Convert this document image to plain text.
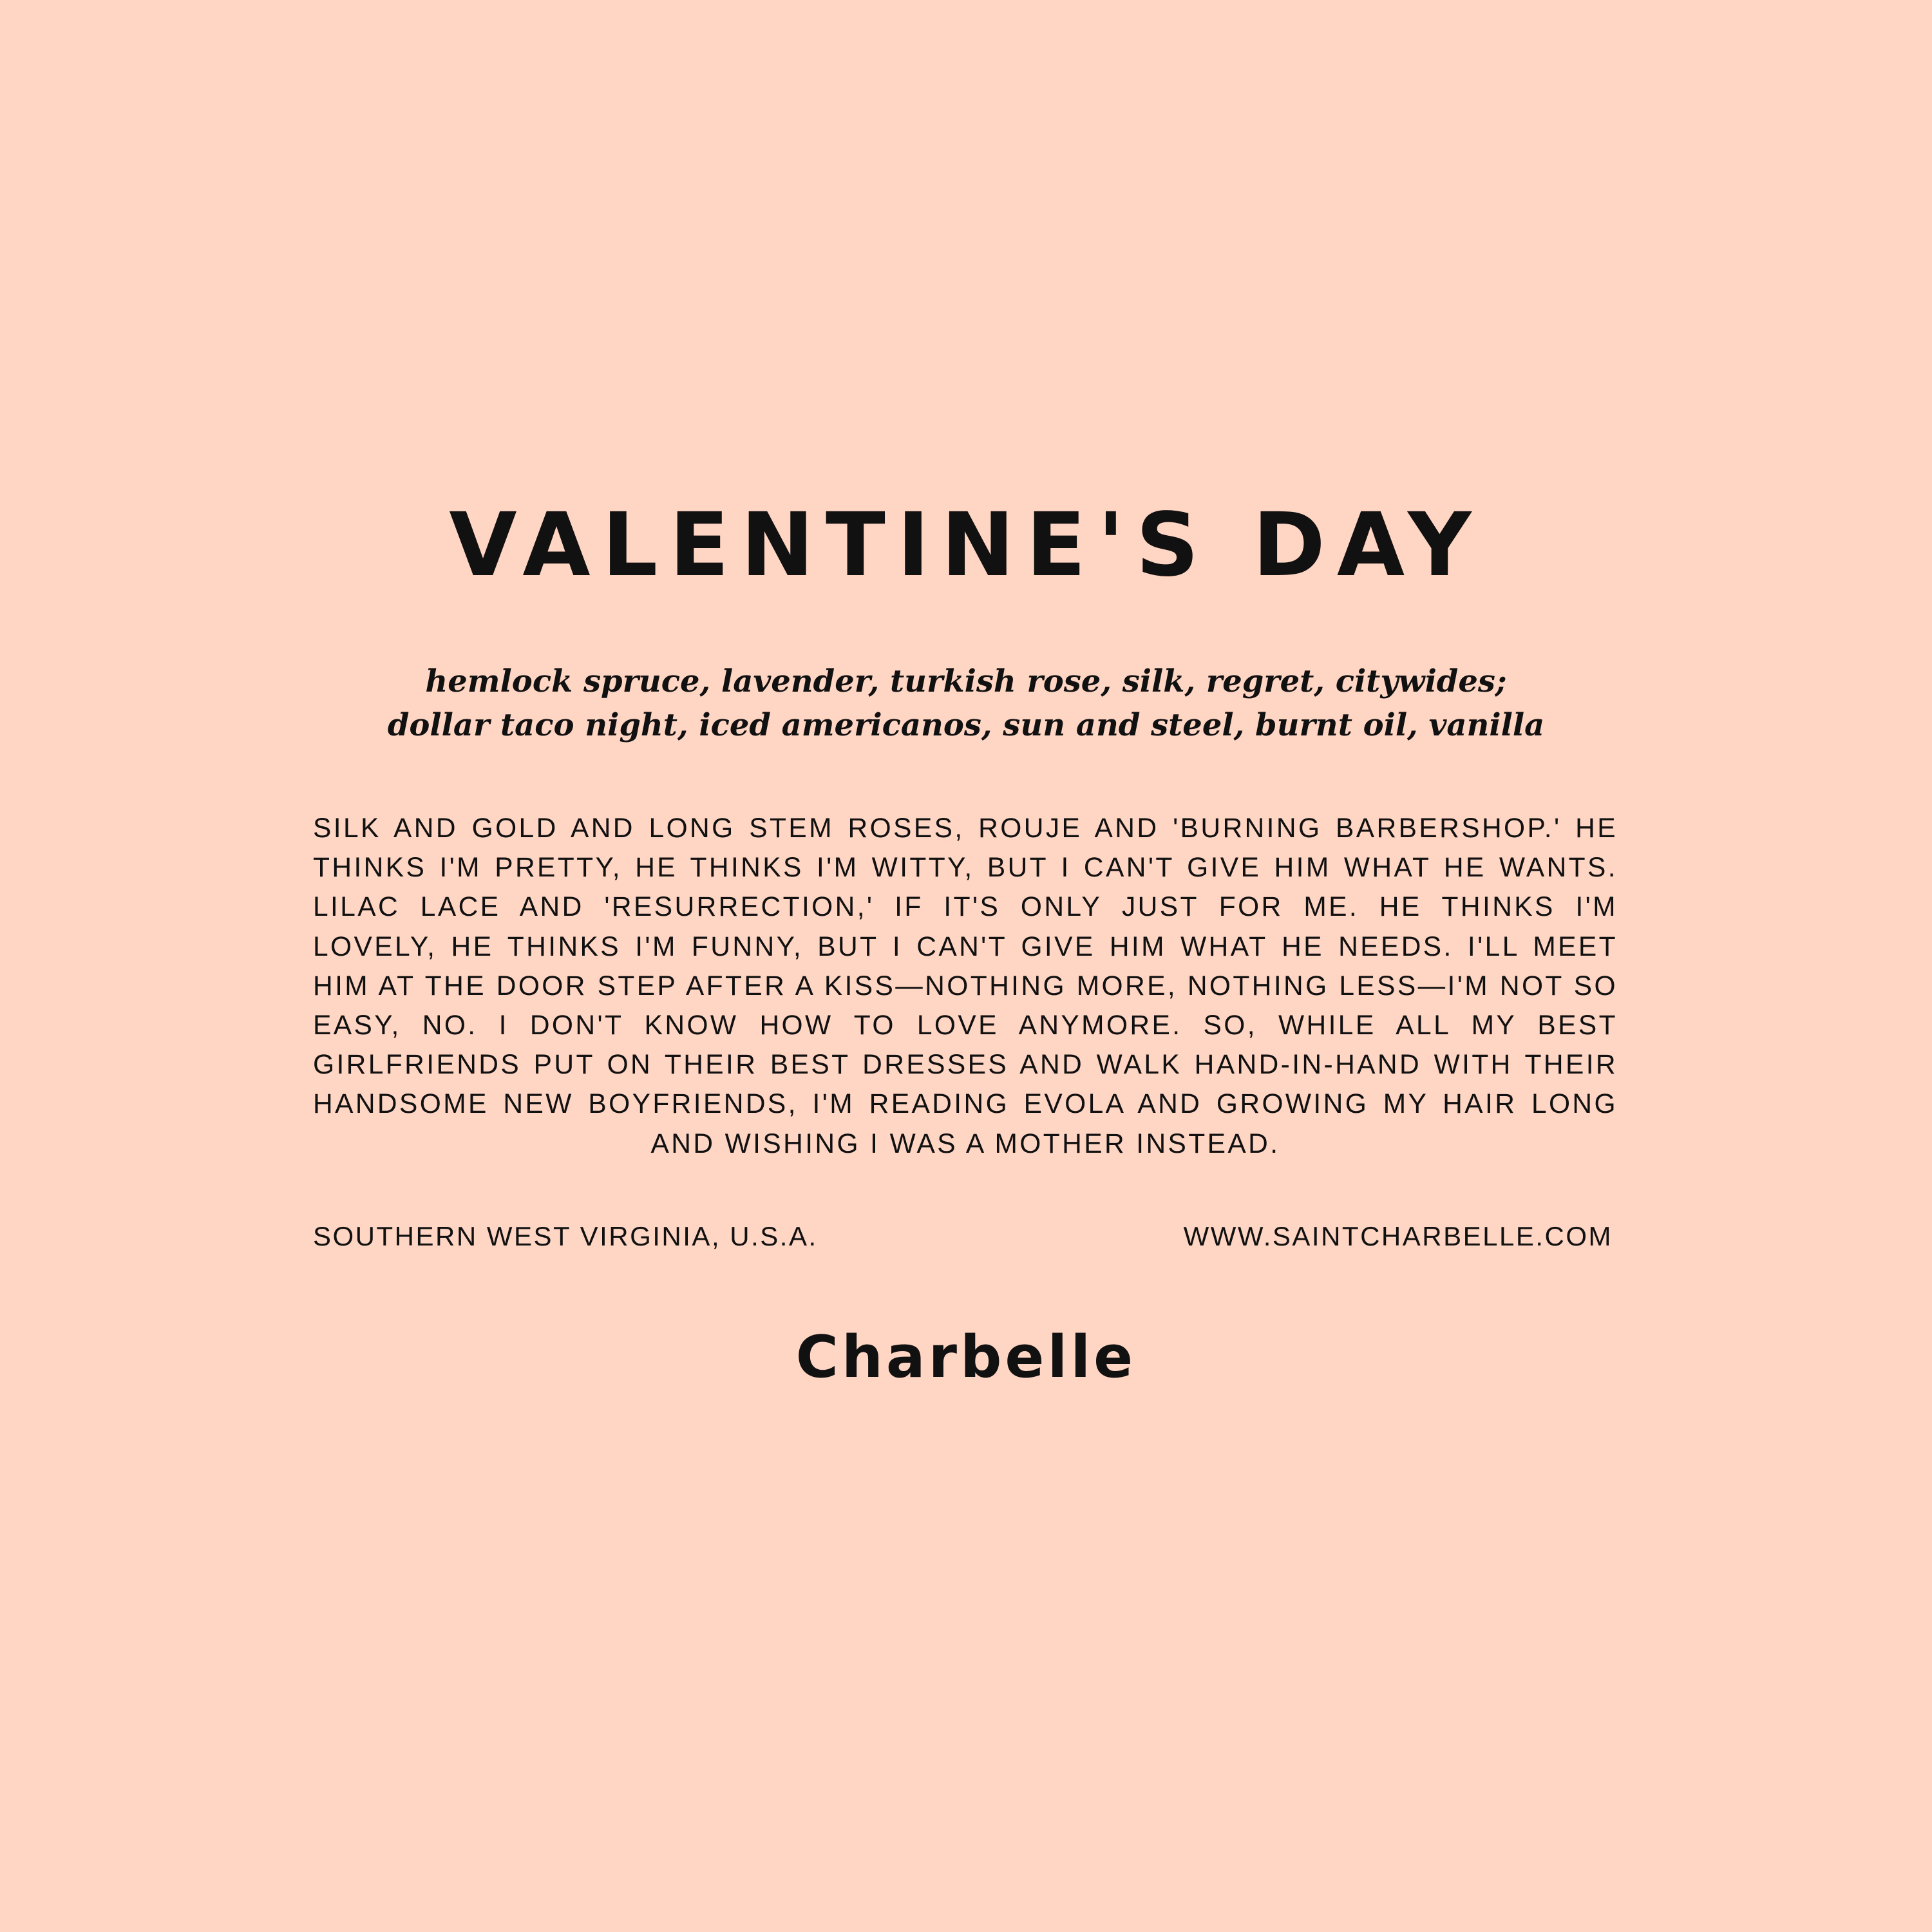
VALENTINE'S DAY
hemlock spruce, lavender, turkish rose, silk, regret, citywides;
dollar taco night, iced americanos, sun and steel, burnt oil, vanilla

SILK AND GOLD AND LONG STEM ROSES, ROUJE AND 'BURNING BARBERSHOP.' HE THINKS I'M PRETTY, HE THINKS I'M WITTY, BUT I CAN'T GIVE HIM WHAT HE WANTS. LILAC LACE AND 'RESURRECTION,' IF IT'S ONLY JUST FOR ME. HE THINKS I'M LOVELY, HE THINKS I'M FUNNY, BUT I CAN'T GIVE HIM WHAT HE NEEDS. I'LL MEET HIM AT THE DOOR STEP AFTER A KISS—NOTHING MORE, NOTHING LESS—I'M NOT SO EASY, NO. I DON'T KNOW HOW TO LOVE ANYMORE. SO, WHILE ALL MY BEST GIRLFRIENDS PUT ON THEIR BEST DRESSES AND WALK HAND-IN-HAND WITH THEIR HANDSOME NEW BOYFRIENDS, I'M READING EVOLA AND GROWING MY HAIR LONG AND WISHING I WAS A MOTHER INSTEAD.

SOUTHERN WEST VIRGINIA, U.S.A.	WWW.SAINTCHARBELLE.COM
Charbelle
